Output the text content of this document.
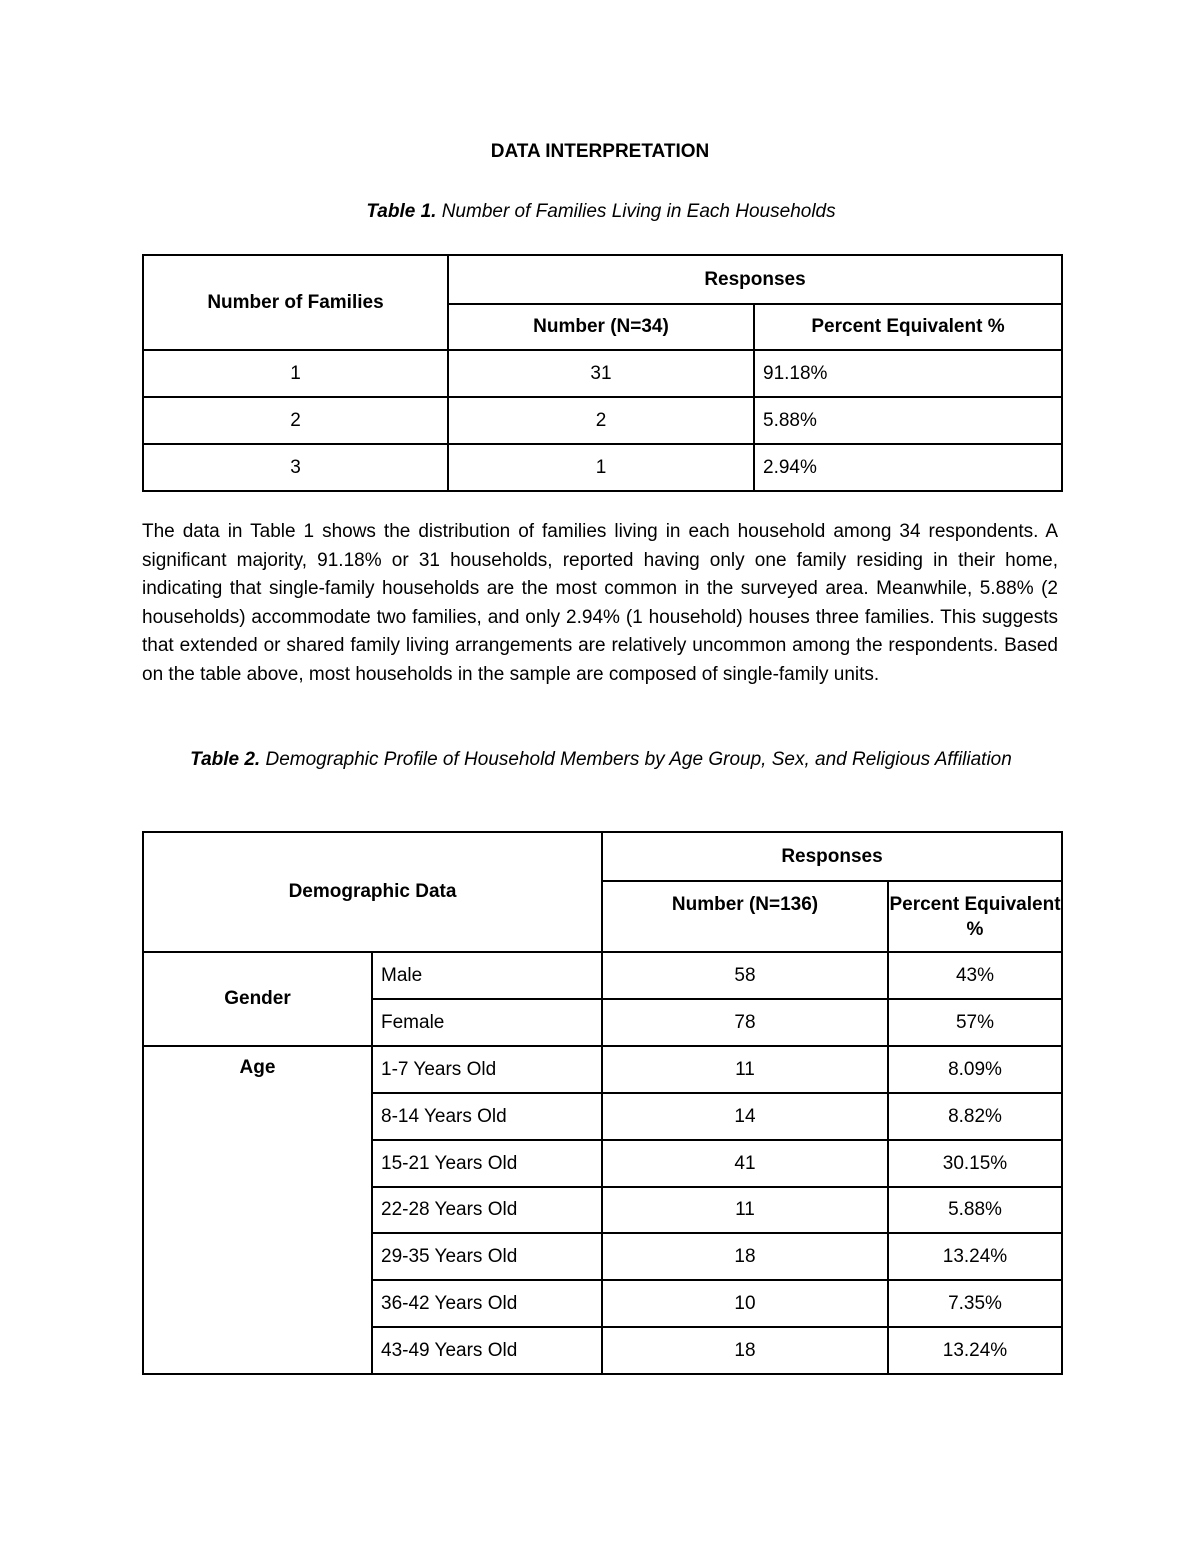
DATA INTERPRETATION
Table 1. Number of Families Living in Each Households
Number of Families	Responses	
	Number (N=34)	Percent Equivalent %
1	31	91.18%
2	2	5.88%
3	1	2.94%
The data in Table 1 shows the distribution of families living in each household among 34 respondents. A significant majority, 91.18% or 31 households, reported having only one family residing in their home, indicating that single-family households are the most common in the surveyed area. Meanwhile, 5.88% (2 households) accommodate two families, and only 2.94% (1 household) houses three families. This suggests that extended or shared family living arrangements are relatively uncommon among the respondents. Based on the table above, most households in the sample are composed of single-family units.
Table 2. Demographic Profile of Household Members by Age Group, Sex, and Religious Affiliation
Demographic Data		Responses	
		Number (N=136)	Percent Equivalent %
Gender	Male	58	43%
	Female	78	57%
Age	1-7 Years Old	11	8.09%
	8-14 Years Old	14	8.82%
	15-21 Years Old	41	30.15%
	22-28 Years Old	11	5.88%
	29-35 Years Old	18	13.24%
	36-42 Years Old	10	7.35%
	43-49 Years Old	18	13.24%
